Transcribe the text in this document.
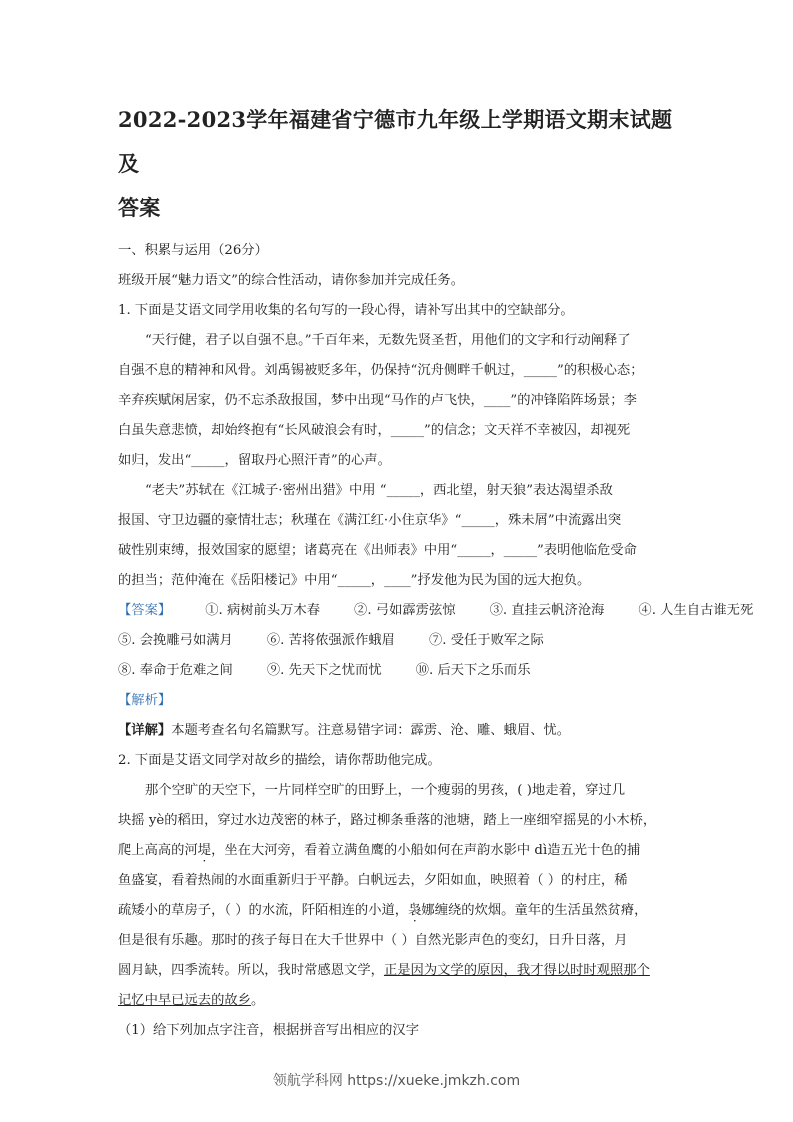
2022-2023学年福建省宁德市九年级上学期语文期末试题及
答案

一、积累与运用（26分）

班级开展“魅力语文”的综合性活动，请你参加并完成任务。

1. 下面是艾语文同学用收集的名句写的一段心得，请补写出其中的空缺部分。

“天行健，君子以自强不息。”千百年来，无数先贤圣哲，用他们的文字和行动阐释了

自强不息的精神和风骨。刘禹锡被贬多年，仍保持“沉舟侧畔千帆过，_____”的积极心态；

辛弃疾赋闲居家，仍不忘杀敌报国，梦中出现“马作的卢飞快，____”的冲锋陷阵场景；李

白虽失意悲愤，却始终抱有“长风破浪会有时，_____”的信念；文天祥不幸被囚，却视死

如归，发出“_____，留取丹心照汗青”的心声。

“老夫”苏轼在《江城子·密州出猎》中用 “_____，西北望，射天狼”表达渴望杀敌

报国、守卫边疆的豪情壮志；秋瑾在《满江红·小住京华》“_____，殊未屑”中流露出突

破性别束缚，报效国家的愿望；诸葛亮在《出师表》中用“_____，_____”表明他临危受命

的担当；范仲淹在《岳阳楼记》中用“_____，____”抒发他为民为国的远大抱负。

【答案】	①. 病树前头万木春	②. 弓如霹雳弦惊	③. 直挂云帆济沧海	④. 人生自古谁无死

⑤. 会挽雕弓如满月	⑥. 苦将侬强派作蛾眉	⑦. 受任于败军之际

⑧. 奉命于危难之间	⑨. 先天下之忧而忧	⑩. 后天下之乐而乐

【解析】

【详解】本题考查名句名篇默写。注意易错字词：霹雳、沧、雕、蛾眉、忧。

2. 下面是艾语文同学对故乡的描绘，请你帮助他完成。

那个空旷的天空下，一片同样空旷的田野上，一个瘦弱的男孩，( )地走着，穿过几

块摇 yè的稻田，穿过水边茂密的林子，路过柳条垂落的池塘，踏上一座细窄摇晃的小木桥，

爬上高高的河堤，坐在大河旁，看着立满鱼鹰的小船如何在声韵水影中 dì造五光十色的捕

鱼盛宴，看着热闹的水面重新归于平静。白帆远去，夕阳如血，映照着（ ）的村庄，稀

疏矮小的草房子，（ ）的水流，阡陌相连的小道，袅娜缠绕的炊烟。童年的生活虽然贫瘠，

但是很有乐趣。那时的孩子每日在大千世界中（ ）自然光影声色的变幻，日升日落，月

圆月缺，四季流转。所以，我时常感恩文学，正是因为文学的原因，我才得以时时观照那个

记忆中早已远去的故乡。

（1）给下列加点字注音，根据拼音写出相应的汉字

领航学科网 https://xueke.jmkzh.com
